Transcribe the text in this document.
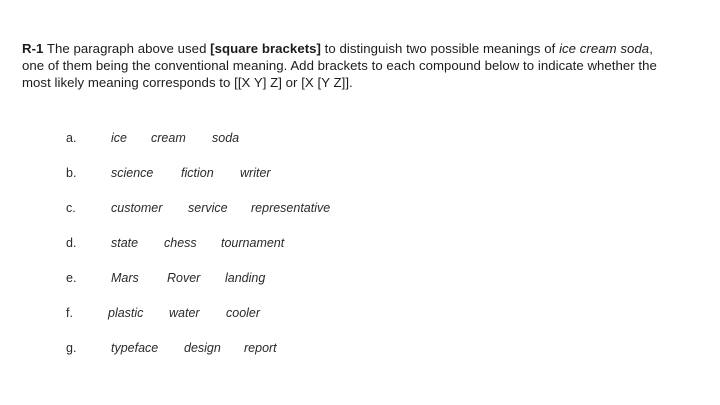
R-1 The paragraph above used [square brackets] to distinguish two possible meanings of ice cream soda,
one of them being the conventional meaning. Add brackets to each compound below to indicate whether the
most likely meaning corresponds to [[X Y] Z] or [X [Y Z]].
a.	ice cream soda
b.	science fiction writer
c.	customer service representative
d.	state chess tournament
e.	Mars Rover landing
f.	plastic water cooler
g.	typeface design report
